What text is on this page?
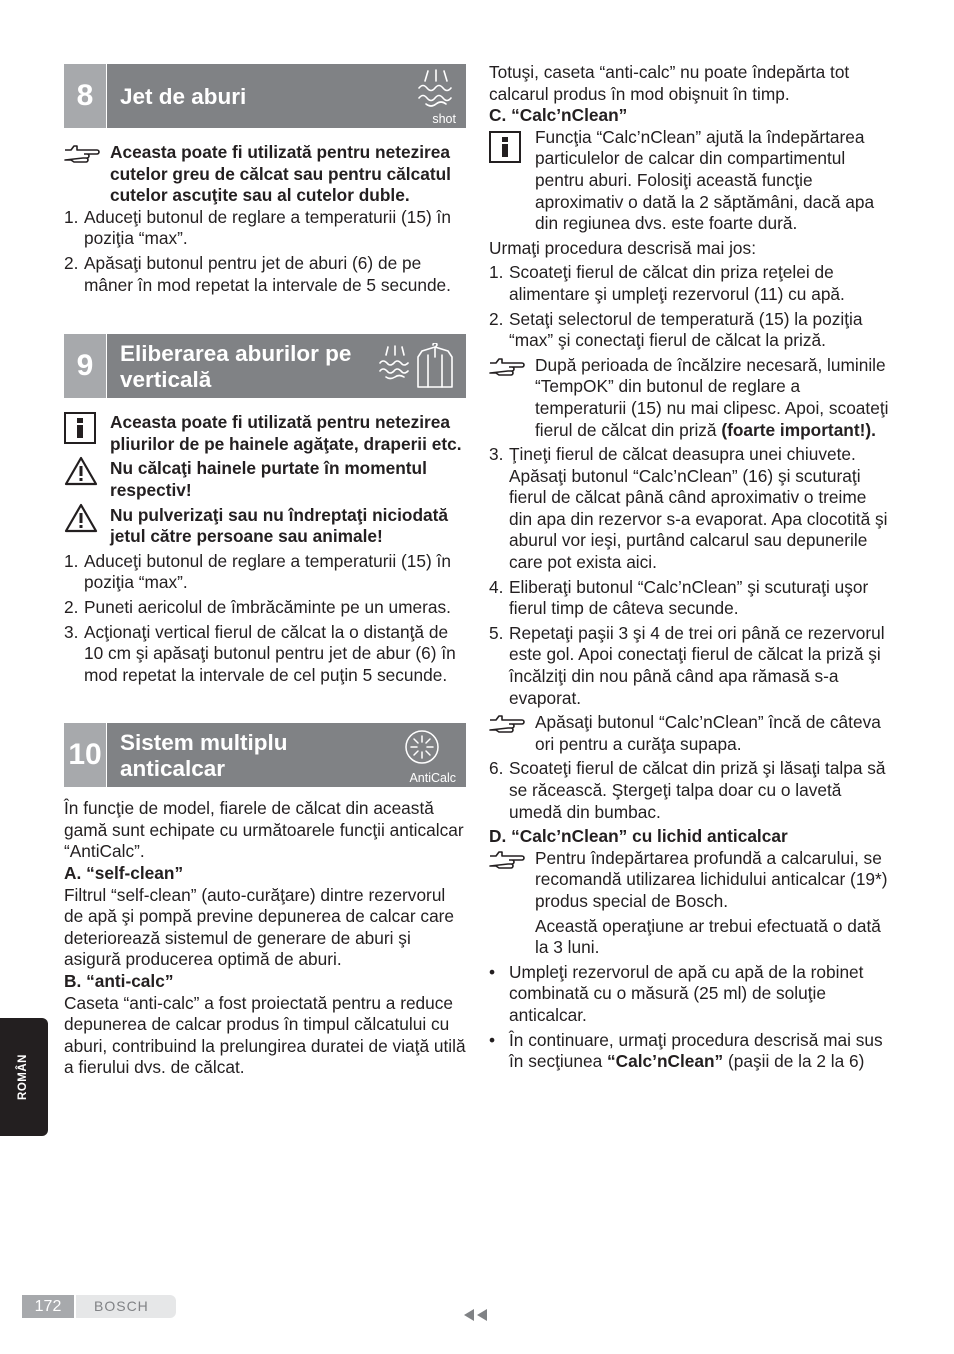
8	Jet de aburi
shot
Aceasta poate fi utilizată pentru netezirea cutelor greu de călcat sau pentru călcatul cutelor ascuţite sau al cutelor duble.
1. Aduceţi butonul de reglare a temperaturii (15) în poziţia “max”.
2. Apăsaţi butonul pentru jet de aburi (6) de pe mâner în mod repetat la intervale de 5 secunde.
9	Eliberarea aburilor pe
verticală
Aceasta poate fi utilizată pentru netezirea pliurilor de pe hainele agăţate, draperii etc.
Nu călcaţi hainele purtate în momentul respectiv!
Nu pulverizaţi sau nu îndreptaţi niciodată jetul către persoane sau animale!
1. Aduceţi butonul de reglare a temperaturii (15) în poziţia “max”.
2. Puneti aericolul de îmbrăcăminte pe un umeras.
3. Acţionaţi vertical fierul de călcat la o distanţă de 10 cm şi apăsaţi butonul pentru jet de abur (6) în mod repetat la intervale de cel puţin 5 secunde.
10 Sistem multiplu
anticalcar	AntiCalc
În funcţie de model, fiarele de călcat din această gamă sunt echipate cu următoarele funcţii anticalcar “AntiCalc”.
A. “self-clean”
Filtrul “self-clean” (auto-curăţare) dintre rezervorul de apă şi pompă previne depunerea de calcar care deteriorează sistemul de generare de aburi şi asigură producerea optimă de aburi.
B. “anti-calc”
Caseta “anti-calc” a fost proiectată pentru a reduce depunerea de calcar produs în timpul călcatului cu aburi, contribuind la prelungirea duratei de viaţă utilă a fierului dvs. de călcat.
Totuşi, caseta “anti-calc” nu poate îndepărta tot calcarul produs în mod obişnuit în timp.
C. “Calc’nClean”
Funcţia “Calc’nClean” ajută la îndepărtarea particulelor de calcar din compartimentul pentru aburi. Folosiţi această funcţie aproximativ o dată la 2 săptămâni, dacă apa din regiunea dvs. este foarte dură.
Urmaţi procedura descrisă mai jos:
1. Scoateţi fierul de călcat din priza reţelei de alimentare şi umpleţi rezervorul (11) cu apă.
2. Setaţi selectorul de temperatură (15) la poziţia “max” şi conectaţi fierul de călcat la priză.
După perioada de încălzire necesară, luminile “TempOK” din butonul de reglare a temperaturii (15) nu mai clipesc. Apoi, scoateţi fierul de călcat din priză (foarte important!).
3. Ţineţi fierul de călcat deasupra unei chiuvete. Apăsaţi butonul “Calc’nClean” (16) şi scuturaţi fierul de călcat până când aproximativ o treime din apa din rezervor s-a evaporat. Apa clocotită şi aburul vor ieşi, purtând calcarul sau depunerile care pot exista aici.
4. Eliberaţi butonul “Calc’nClean” şi scuturaţi uşor fierul timp de câteva secunde.
5. Repetaţi paşii 3 şi 4 de trei ori până ce rezervorul este gol. Apoi conectaţi fierul de călcat la priză şi încălziţi din nou până când apa rămasă s-a evaporat.
Apăsaţi butonul “Calc’nClean” încă de câteva ori pentru a curăţa supapa.
6. Scoateţi fierul de călcat din priză şi lăsaţi talpa să se răcească. Ştergeţi talpa doar cu o lavetă umedă din bumbac.
D. “Calc’nClean” cu lichid anticalcar
Pentru îndepărtarea profundă a calcarului, se recomandă utilizarea lichidului anticalcar (19*) produs special de Bosch.
Această operaţiune ar trebui efectuată o dată la 3 luni.
• Umpleţi rezervorul de apă cu apă de la robinet combinată cu o măsură (25 ml) de soluţie anticalcar.
• În continuare, urmaţi procedura descrisă mai sus în secţiunea “Calc’nClean” (paşii de la 2 la 6)
ROMÂN
172	BOSCH
